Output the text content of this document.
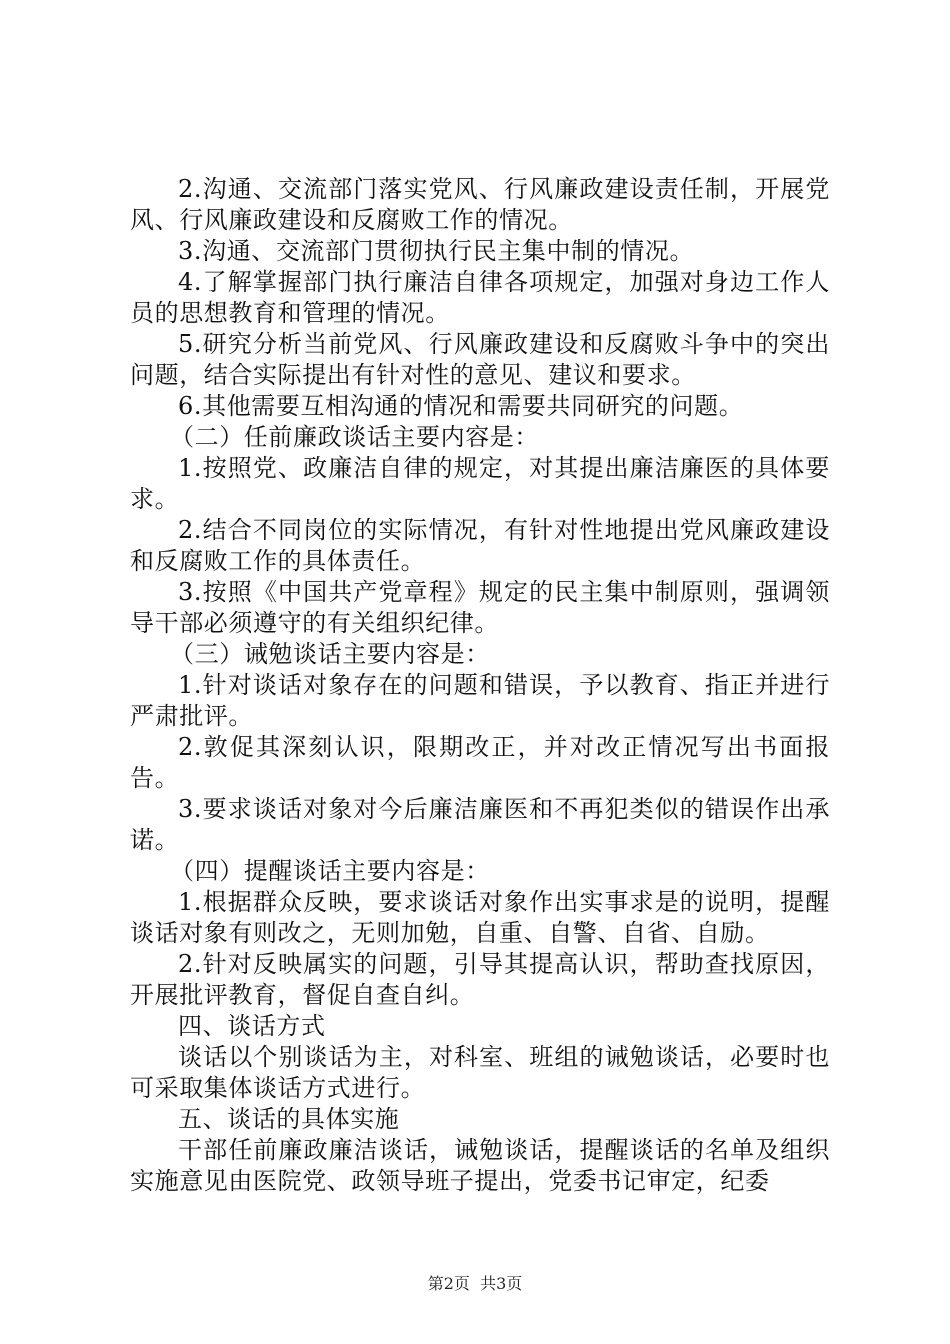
2.沟通、交流部门落实党风、行风廉政建设责任制，开展党风、行风廉政建设和反腐败工作的情况。

3.沟通、交流部门贯彻执行民主集中制的情况。

4.了解掌握部门执行廉洁自律各项规定，加强对身边工作人员的思想教育和管理的情况。

5.研究分析当前党风、行风廉政建设和反腐败斗争中的突出问题，结合实际提出有针对性的意见、建议和要求。

6.其他需要互相沟通的情况和需要共同研究的问题。

（二）任前廉政谈话主要内容是：

1.按照党、政廉洁自律的规定，对其提出廉洁廉医的具体要求。

2.结合不同岗位的实际情况，有针对性地提出党风廉政建设和反腐败工作的具体责任。

3.按照《中国共产党章程》规定的民主集中制原则，强调领导干部必须遵守的有关组织纪律。

（三）诫勉谈话主要内容是：

1.针对谈话对象存在的问题和错误，予以教育、指正并进行严肃批评。

2.敦促其深刻认识，限期改正，并对改正情况写出书面报告。

3.要求谈话对象对今后廉洁廉医和不再犯类似的错误作出承诺。

（四）提醒谈话主要内容是：

1.根据群众反映，要求谈话对象作出实事求是的说明，提醒谈话对象有则改之，无则加勉，自重、自警、自省、自励。

2.针对反映属实的问题，引导其提高认识，帮助查找原因，开展批评教育，督促自查自纠。

四、谈话方式

谈话以个别谈话为主，对科室、班组的诫勉谈话，必要时也可采取集体谈话方式进行。

五、谈话的具体实施

干部任前廉政廉洁谈话，诫勉谈话，提醒谈话的名单及组织实施意见由医院党、政领导班子提出，党委书记审定，纪委

第2页  共3页
